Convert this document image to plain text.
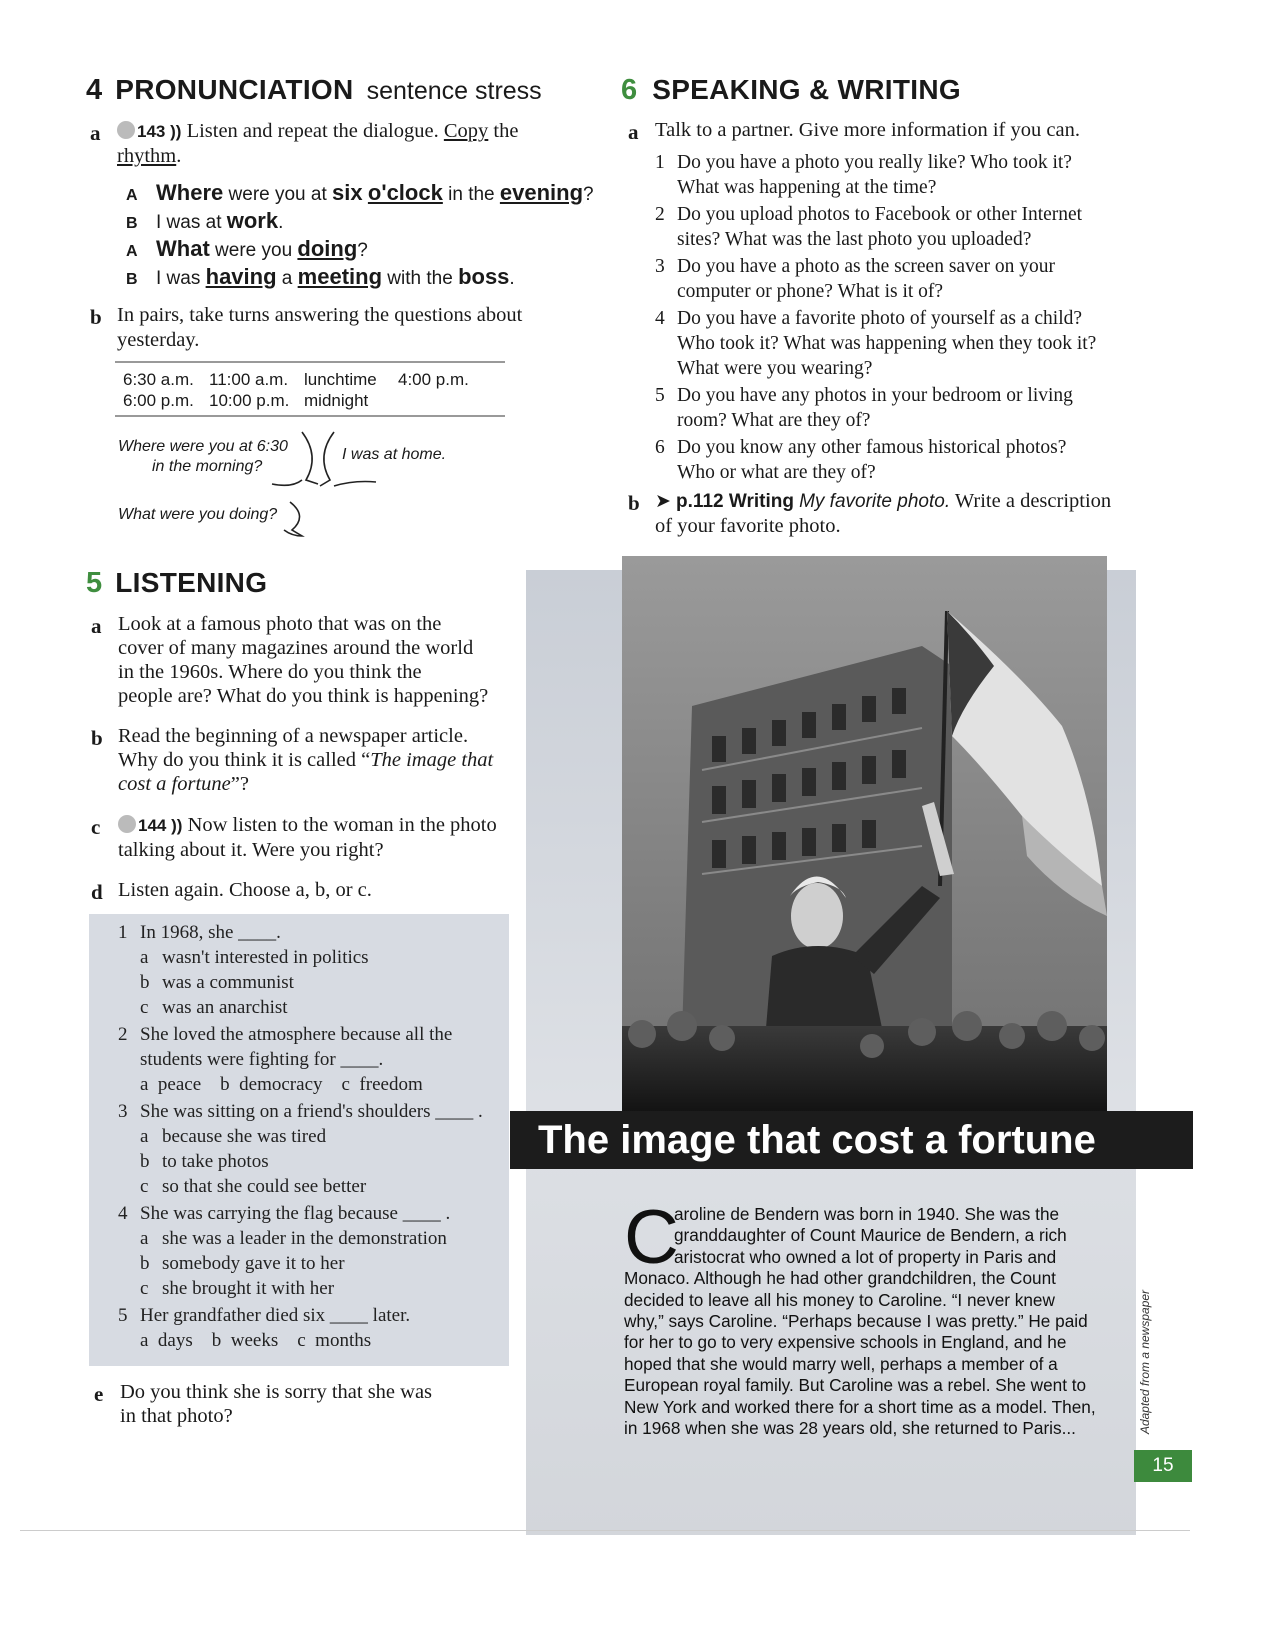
4 PRONUNCIATION sentence stress
a	143 )) Listen and repeat the dialogue. Copy the
rhythm.
A Where were you at six o'clock in the evening?
B I was at work.
A What were you doing?
B I was having a meeting with the boss.
b In pairs, take turns answering the questions about
yesterday.
6:30 a.m. 11:00 a.m. lunchtime 4:00 p.m.
6:00 p.m. 10:00 p.m. midnight
Where were you at 6:30
in the morning?
I was at home.
What were you doing?
5 LISTENING
a Look at a famous photo that was on the
cover of many magazines around the world
in the 1960s. Where do you think the
people are? What do you think is happening?
b Read the beginning of a newspaper article.
Why do you think it is called “The image that
cost a fortune”?
c	144 )) Now listen to the woman in the photo
talking about it. Were you right?
d Listen again. Choose a, b, or c.
1 In 1968, she ____.
a wasn't interested in politics
b was a communist
c was an anarchist
2 She loved the atmosphere because all the
students were fighting for ____.
a  peace    b  democracy    c  freedom
3 She was sitting on a friend's shoulders ____ .
a because she was tired
b to take photos
c so that she could see better
4 She was carrying the flag because ____ .
a she was a leader in the demonstration
b somebody gave it to her
c she brought it with her
5 Her grandfather died six ____ later.
a  days    b  weeks    c  months
e Do you think she is sorry that she was
in that photo?
6 SPEAKING & WRITING
a Talk to a partner. Give more information if you can.
1 Do you have a photo you really like? Who took it?
What was happening at the time?
2 Do you upload photos to Facebook or other Internet
sites? What was the last photo you uploaded?
3 Do you have a photo as the screen saver on your
computer or phone? What is it of?
4 Do you have a favorite photo of yourself as a child?
Who took it? What was happening when they took it?
What were you wearing?
5 Do you have any photos in your bedroom or living
room? What are they of?
6 Do you know any other famous historical photos?
Who or what are they of?
b ➤ p.112 Writing My favorite photo. Write a description
of your favorite photo.
The image that cost a fortune
C
aroline de Bendern was born in 1940. She was the
granddaughter of Count Maurice de Bendern, a rich
aristocrat who owned a lot of property in Paris and
Monaco. Although he had other grandchildren, the Count
decided to leave all his money to Caroline. “I never knew
why,” says Caroline. “Perhaps because I was pretty.” He paid
for her to go to very expensive schools in England, and he
hoped that she would marry well, perhaps a member of a
European royal family. But Caroline was a rebel. She went to
New York and worked there for a short time as a model. Then,
in 1968 when she was 28 years old, she returned to Paris...	Adapted from a newspaper
15
